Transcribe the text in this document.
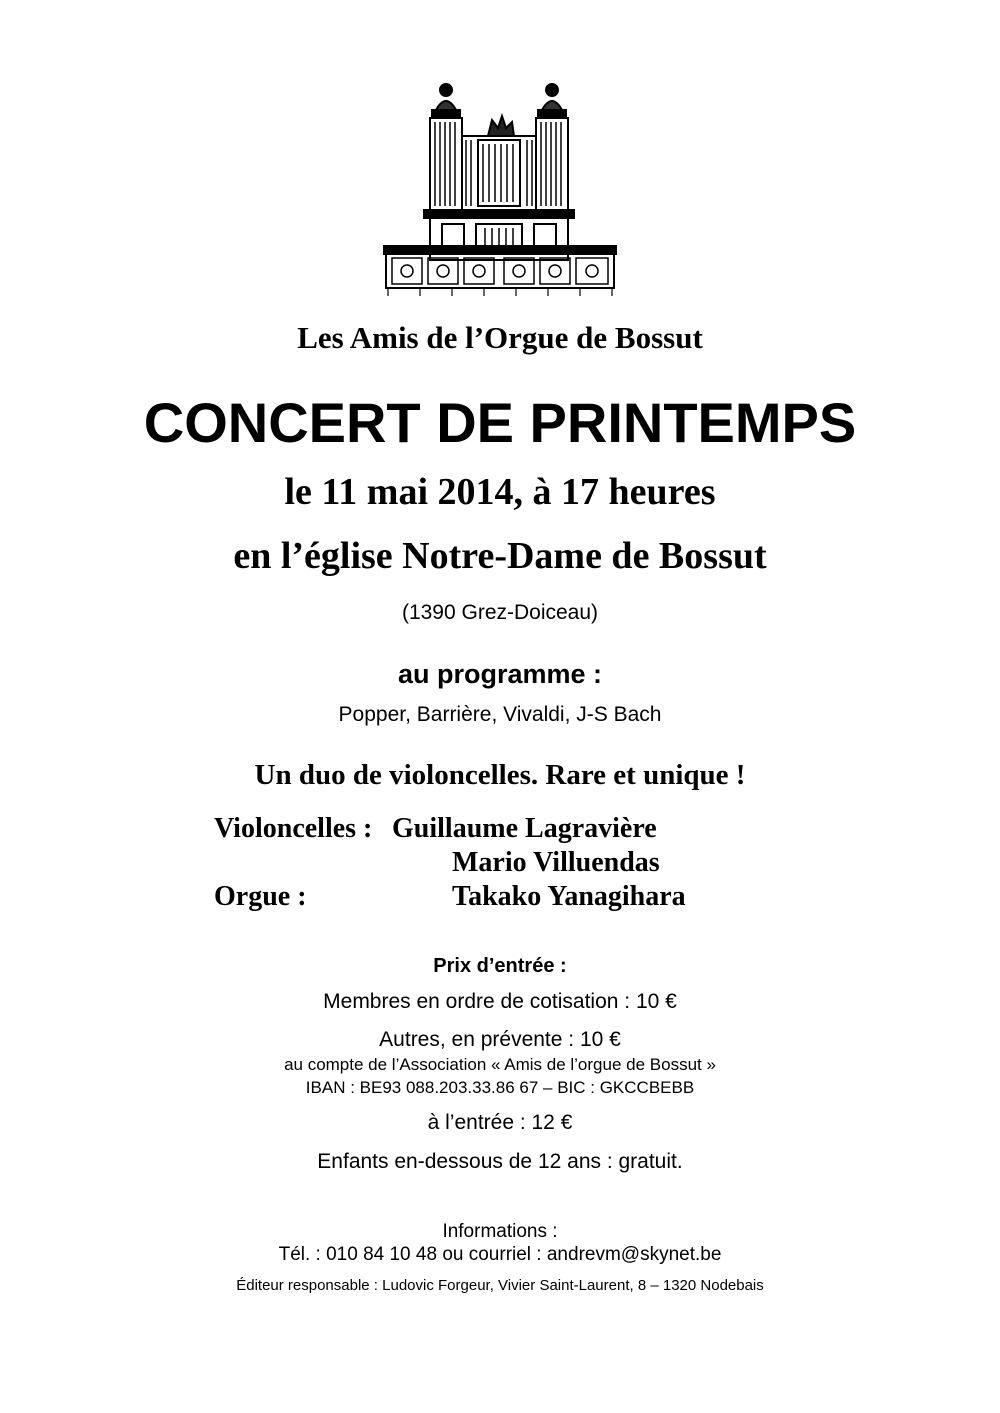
Les Amis de l’Orgue de Bossut
CONCERT DE PRINTEMPS
le 11 mai 2014, à 17 heures
en l’église Notre-Dame de Bossut
(1390 Grez-Doiceau)
au programme :
Popper, Barrière, Vivaldi, J-S Bach
Un duo de violoncelles. Rare et unique !
Violoncelles : Guillaume Lagravière
Mario Villuendas
Orgue :	Takako Yanagihara
Prix d’entrée :
Membres en ordre de cotisation : 10 €
Autres, en prévente : 10 €
au compte de l’Association « Amis de l’orgue de Bossut »
IBAN : BE93 088.203.33.86 67 – BIC : GKCCBEBB
à l’entrée : 12 €
Enfants en-dessous de 12 ans : gratuit.
Informations :
Tél. : 010 84 10 48 ou courriel : andrevm@skynet.be
Éditeur responsable : Ludovic Forgeur, Vivier Saint-Laurent, 8 – 1320 Nodebais
